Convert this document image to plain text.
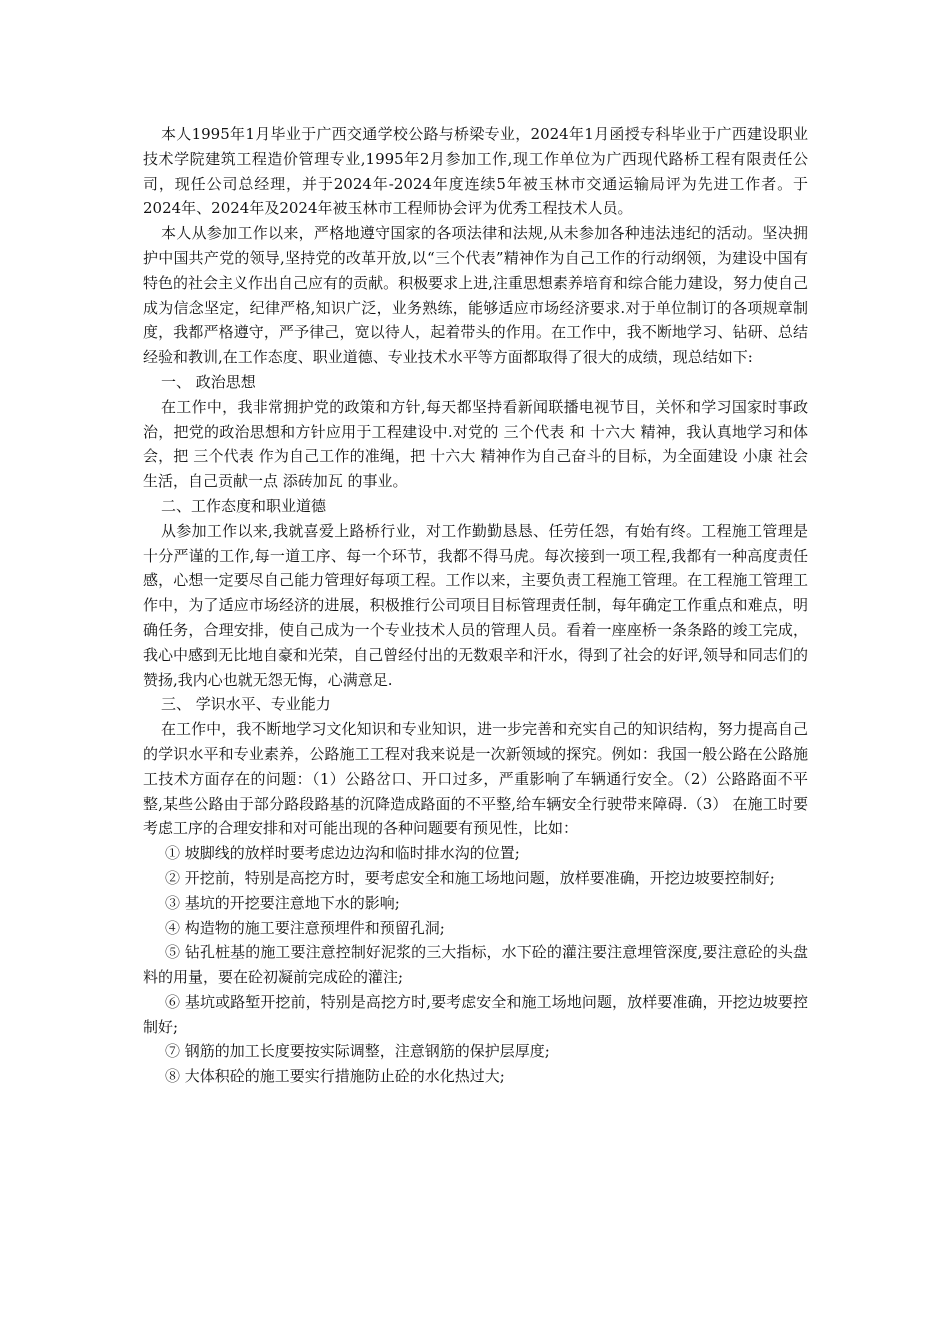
本人1995年1月毕业于广西交通学校公路与桥梁专业，2024年1月函授专科毕业于广西建设职业技术学院建筑工程造价管理专业,1995年2月参加工作,现工作单位为广西现代路桥工程有限责任公司，现任公司总经理，并于2024年-2024年度连续5年被玉林市交通运输局评为先进工作者。于2024年、2024年及2024年被玉林市工程师协会评为优秀工程技术人员。

本人从参加工作以来，严格地遵守国家的各项法律和法规,从未参加各种违法违纪的活动。坚决拥护中国共产党的领导,坚持党的改革开放,以“三个代表”精神作为自己工作的行动纲领，为建设中国有特色的社会主义作出自己应有的贡献。积极要求上进,注重思想素养培育和综合能力建设，努力使自己成为信念坚定，纪律严格,知识广泛，业务熟练，能够适应市场经济要求.对于单位制订的各项规章制度，我都严格遵守，严予律己，宽以待人，起着带头的作用。在工作中，我不断地学习、钻研、总结经验和教训,在工作态度、职业道德、专业技术水平等方面都取得了很大的成绩，现总结如下:

一、 政治思想

在工作中，我非常拥护党的政策和方针,每天都坚持看新闻联播电视节目，关怀和学习国家时事政治，把党的政治思想和方针应用于工程建设中.对党的 三个代表 和 十六大 精神，我认真地学习和体会，把 三个代表 作为自己工作的准绳，把 十六大 精神作为自己奋斗的目标，为全面建设 小康 社会生活，自己贡献一点 添砖加瓦 的事业。

二、工作态度和职业道德

从参加工作以来,我就喜爱上路桥行业，对工作勤勤恳恳、任劳任怨，有始有终。工程施工管理是十分严谨的工作,每一道工序、每一个环节，我都不得马虎。每次接到一项工程,我都有一种高度责任感，心想一定要尽自己能力管理好每项工程。工作以来，主要负责工程施工管理。在工程施工管理工作中，为了适应市场经济的进展，积极推行公司项目目标管理责任制，每年确定工作重点和难点，明确任务，合理安排，使自己成为一个专业技术人员的管理人员。看着一座座桥一条条路的竣工完成，我心中感到无比地自豪和光荣，自己曾经付出的无数艰辛和汗水，得到了社会的好评,领导和同志们的赞扬,我内心也就无怨无悔，心满意足.

三、 学识水平、专业能力

在工作中，我不断地学习文化知识和专业知识，进一步完善和充实自己的知识结构，努力提高自己的学识水平和专业素养，公路施工工程对我来说是一次新领域的探究。例如：我国一般公路在公路施工技术方面存在的问题：（1）公路岔口、开口过多，严重影响了车辆通行安全。（2）公路路面不平整,某些公路由于部分路段路基的沉降造成路面的不平整,给车辆安全行驶带来障碍.（3） 在施工时要考虑工序的合理安排和对可能出现的各种问题要有预见性，比如：

① 坡脚线的放样时要考虑边边沟和临时排水沟的位置;

② 开挖前，特别是高挖方时，要考虑安全和施工场地问题，放样要准确，开挖边坡要控制好;

③ 基坑的开挖要注意地下水的影响;

④ 构造物的施工要注意预埋件和预留孔洞;

⑤ 钻孔桩基的施工要注意控制好泥浆的三大指标，水下砼的灌注要注意埋管深度,要注意砼的头盘料的用量，要在砼初凝前完成砼的灌注;

⑥ 基坑或路堑开挖前，特别是高挖方时,要考虑安全和施工场地问题，放样要准确，开挖边坡要控制好;

⑦ 钢筋的加工长度要按实际调整，注意钢筋的保护层厚度;

⑧ 大体积砼的施工要实行措施防止砼的水化热过大;
